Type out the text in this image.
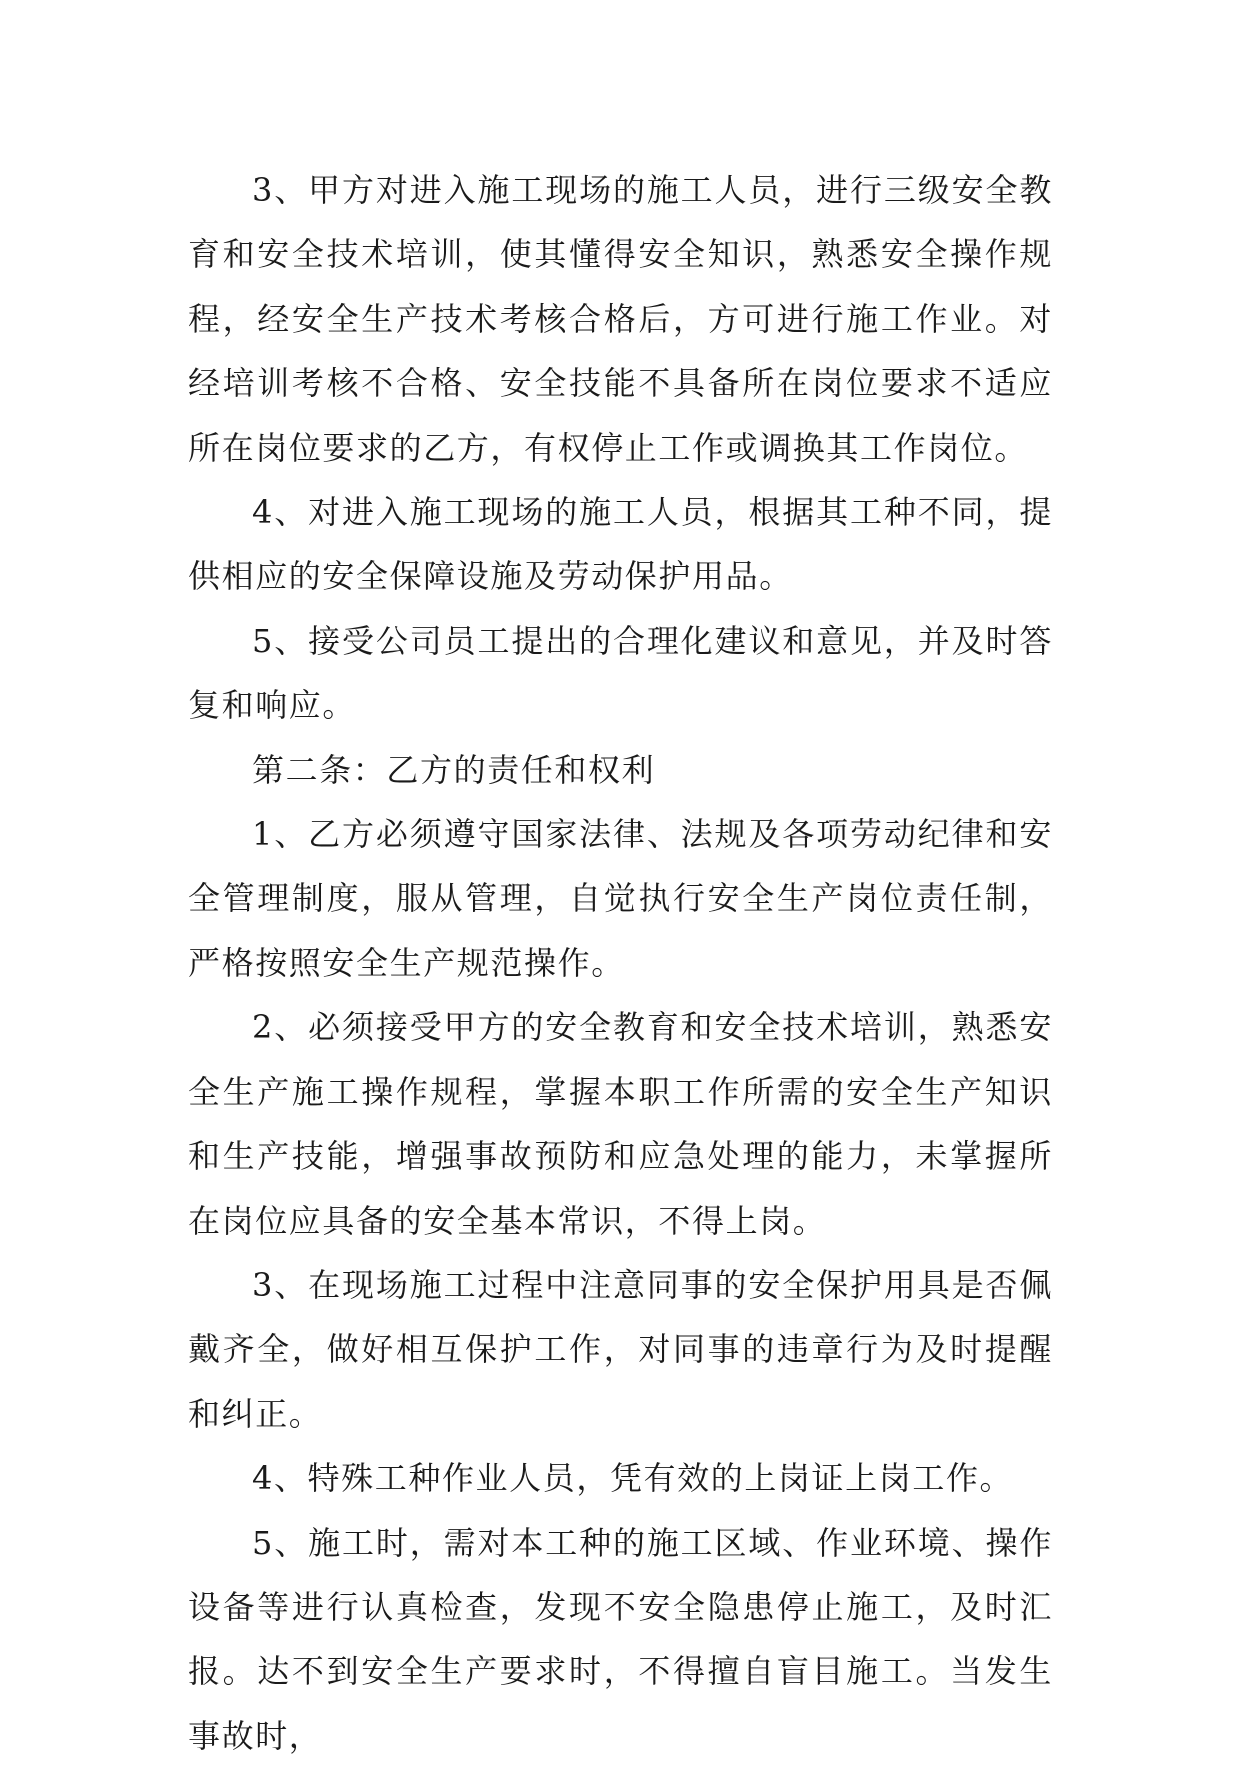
3、甲方对进入施工现场的施工人员，进行三级安全教育和安全技术培训，使其懂得安全知识，熟悉安全操作规程，经安全生产技术考核合格后，方可进行施工作业。对经培训考核不合格、安全技能不具备所在岗位要求不适应所在岗位要求的乙方，有权停止工作或调换其工作岗位。

4、对进入施工现场的施工人员，根据其工种不同，提供相应的安全保障设施及劳动保护用品。

5、接受公司员工提出的合理化建议和意见，并及时答复和响应。

第二条：乙方的责任和权利

1、乙方必须遵守国家法律、法规及各项劳动纪律和安全管理制度，服从管理，自觉执行安全生产岗位责任制，严格按照安全生产规范操作。

2、必须接受甲方的安全教育和安全技术培训，熟悉安全生产施工操作规程，掌握本职工作所需的安全生产知识和生产技能，增强事故预防和应急处理的能力，未掌握所在岗位应具备的安全基本常识，不得上岗。

3、在现场施工过程中注意同事的安全保护用具是否佩戴齐全，做好相互保护工作，对同事的违章行为及时提醒和纠正。

4、特殊工种作业人员，凭有效的上岗证上岗工作。

5、施工时，需对本工种的施工区域、作业环境、操作设备等进行认真检查，发现不安全隐患停止施工，及时汇报。达不到安全生产要求时，不得擅自盲目施工。当发生事故时，
